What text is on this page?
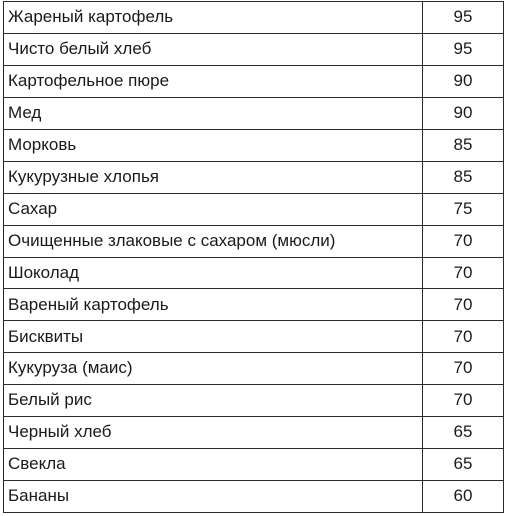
Жареный картофель	95
Чисто белый хлеб	95
Картофельное пюре	90
Мед	90
Морковь	85
Кукурузные хлопья	85
Сахар	75
Очищенные злаковые с сахаром (мюсли)	70
Шоколад	70
Вареный картофель	70
Бисквиты	70
Кукуруза (маис)	70
Белый рис	70
Черный хлеб	65
Свекла	65
Бананы	60
